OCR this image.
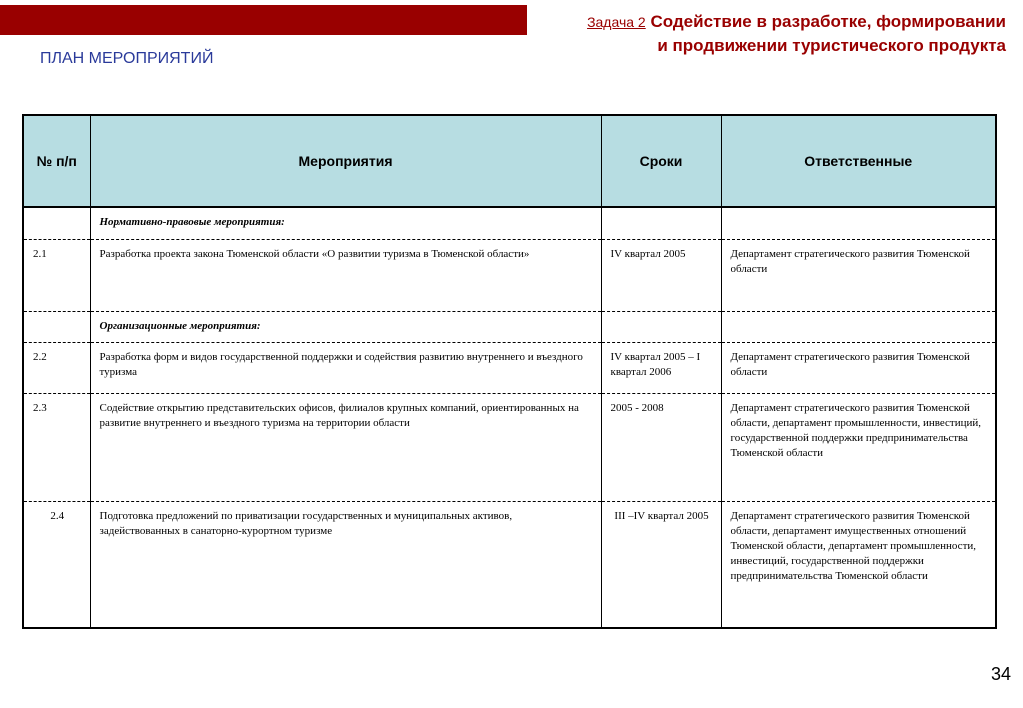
Задача 2 Содействие в разработке, формировании
и продвижении туристического продукта
ПЛАН МЕРОПРИЯТИЙ
№ п/п	Мероприятия	Сроки	Ответственные
	Нормативно-правовые мероприятия:		
2.1	Разработка проекта закона Тюменской области «О развитии туризма в Тюменской области»	IV квартал 2005	Департамент стратегического развития Тюменской области
	Организационные мероприятия:		
2.2	Разработка форм и видов государственной поддержки и содействия развитию внутреннего и въездного туризма	IV квартал 2005 – I квартал 2006	Департамент стратегического развития Тюменской области
2.3	Содействие открытию представительских офисов, филиалов крупных компаний, ориентированных на развитие внутреннего и въездного туризма на территории области	2005 - 2008	Департамент стратегического развития Тюменской области, департамент промышленности, инвестиций, государственной поддержки предпринимательства Тюменской области
2.4	Подготовка предложений по приватизации государственных и муниципальных активов, задействованных в санаторно-курортном туризме	III –IV квартал 2005	Департамент стратегического развития Тюменской области, департамент имущественных отношений Тюменской области, департамент промышленности, инвестиций, государственной поддержки предпринимательства Тюменской области
34
